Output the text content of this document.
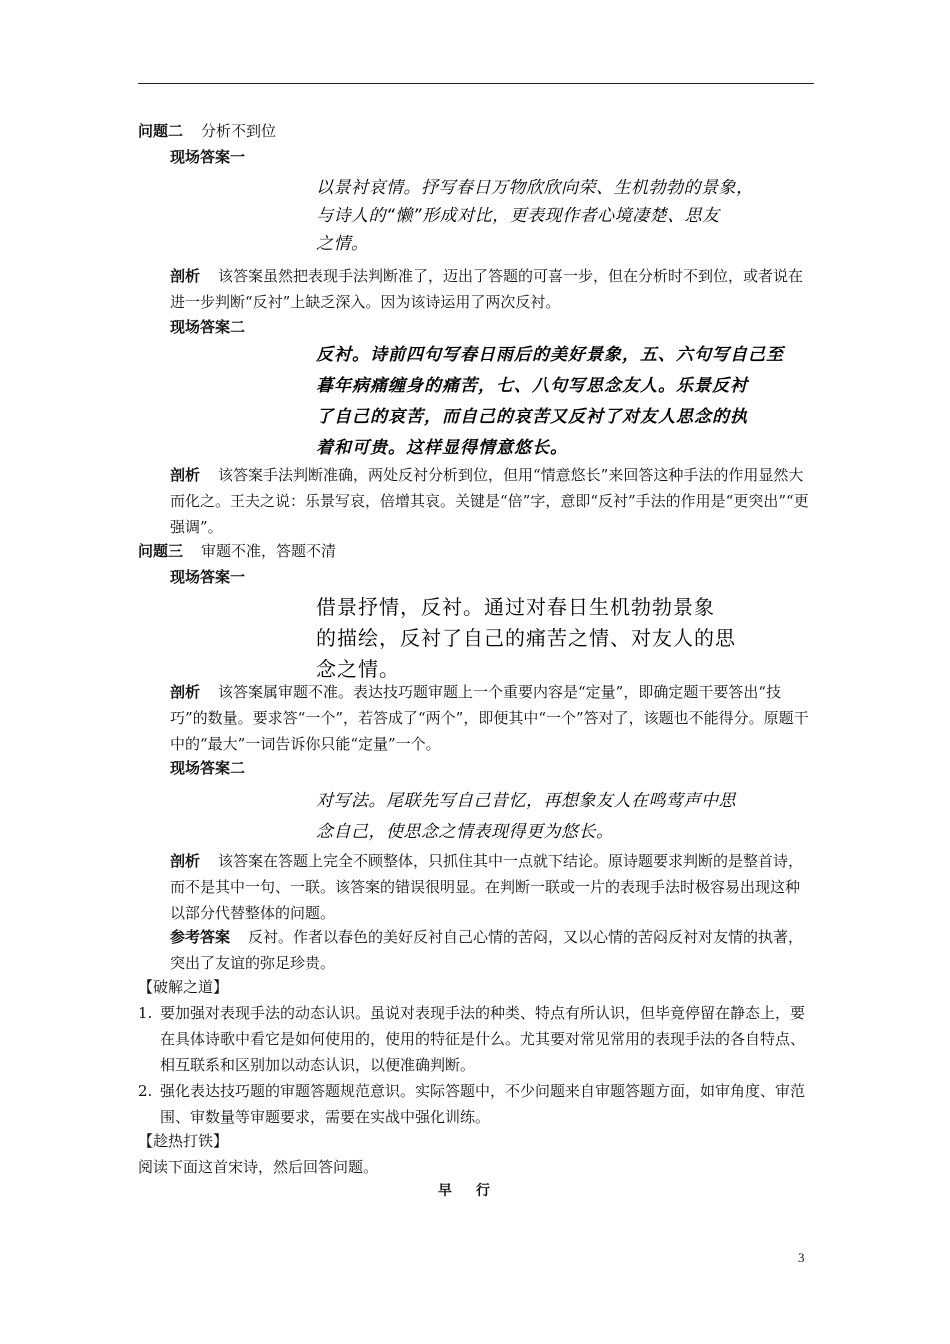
问题二 分析不到位
现场答案一
以景衬哀情。抒写春日万物欣欣向荣、生机勃勃的景象，
与诗人的“懒”形成对比，更表现作者心境凄楚、思友
之情。
剖析 该答案虽然把表现手法判断准了，迈出了答题的可喜一步，但在分析时不到位，或者说在进一步判断“反衬”上缺乏深入。因为该诗运用了两次反衬。
现场答案二
反衬。诗前四句写春日雨后的美好景象，五、六句写自己至
暮年病痛缠身的痛苦，七、八句写思念友人。乐景反衬
了自己的哀苦，而自己的哀苦又反衬了对友人思念的执
着和可贵。这样显得情意悠长。
剖析 该答案手法判断准确，两处反衬分析到位，但用“情意悠长”来回答这种手法的作用显然大而化之。王夫之说：乐景写哀，倍增其哀。关键是“倍”字，意即“反衬”手法的作用是“更突出”“更强调”。
问题三 审题不准，答题不清
现场答案一
借景抒情，反衬。通过对春日生机勃勃景象
的描绘，反衬了自己的痛苦之情、对友人的思
念之情。
剖析 该答案属审题不准。表达技巧题审题上一个重要内容是“定量”，即确定题干要答出“技巧”的数量。要求答“一个”，若答成了“两个”，即便其中“一个”答对了，该题也不能得分。原题干中的“最大”一词告诉你只能“定量”一个。
现场答案二
对写法。尾联先写自己昔忆，再想象友人在鸣莺声中思
念自己，使思念之情表现得更为悠长。
剖析 该答案在答题上完全不顾整体，只抓住其中一点就下结论。原诗题要求判断的是整首诗，而不是其中一句、一联。该答案的错误很明显。在判断一联或一片的表现手法时极容易出现这种以部分代替整体的问题。
参考答案 反衬。作者以春色的美好反衬自己心情的苦闷，又以心情的苦闷反衬对友情的执著，突出了友谊的弥足珍贵。
【破解之道】
1. 要加强对表现手法的动态认识。虽说对表现手法的种类、特点有所认识，但毕竟停留在静态上，要在具体诗歌中看它是如何使用的，使用的特征是什么。尤其要对常见常用的表现手法的各自特点、相互联系和区别加以动态认识，以便准确判断。
2. 强化表达技巧题的审题答题规范意识。实际答题中，不少问题来自审题答题方面，如审角度、审范围、审数量等审题要求，需要在实战中强化训练。
【趁热打铁】
阅读下面这首宋诗，然后回答问题。
早行
3
